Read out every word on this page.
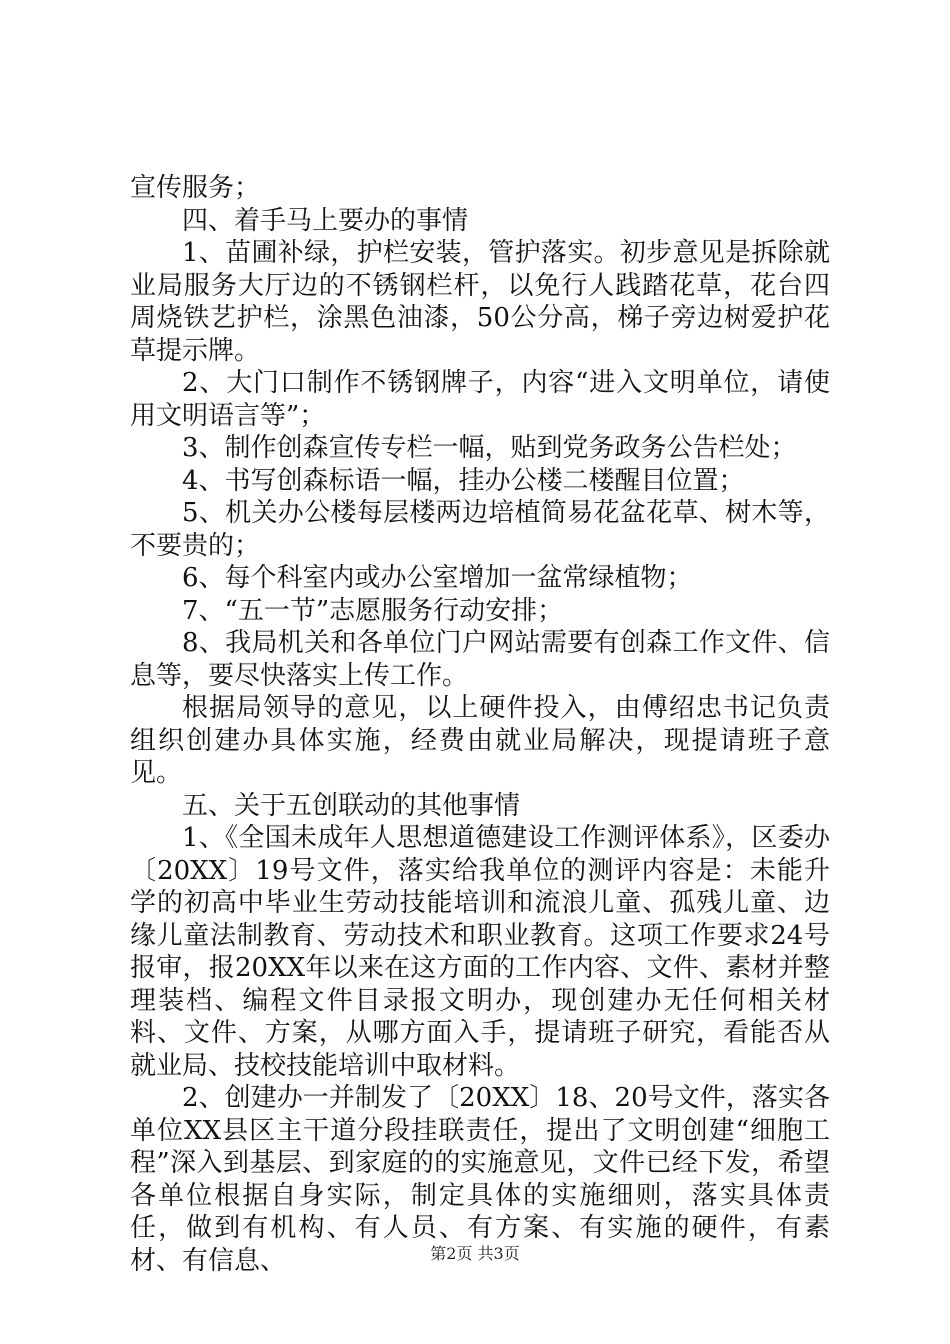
宣传服务；

四、着手马上要办的事情

1、苗圃补绿，护栏安装，管护落实。初步意见是拆除就业局服务大厅边的不锈钢栏杆，以免行人践踏花草，花台四周烧铁艺护栏，涂黑色油漆，50公分高，梯子旁边树爱护花草提示牌。

2、大门口制作不锈钢牌子，内容“进入文明单位，请使用文明语言等”；

3、制作创森宣传专栏一幅，贴到党务政务公告栏处；

4、书写创森标语一幅，挂办公楼二楼醒目位置；

5、机关办公楼每层楼两边培植简易花盆花草、树木等，不要贵的；

6、每个科室内或办公室增加一盆常绿植物；

7、“五一节”志愿服务行动安排；

8、我局机关和各单位门户网站需要有创森工作文件、信息等，要尽快落实上传工作。

根据局领导的意见，以上硬件投入，由傅绍忠书记负责组织创建办具体实施，经费由就业局解决，现提请班子意见。

五、关于五创联动的其他事情

1、《全国未成年人思想道德建设工作测评体系》，区委办〔20XX〕19号文件，落实给我单位的测评内容是：未能升学的初高中毕业生劳动技能培训和流浪儿童、孤残儿童、边缘儿童法制教育、劳动技术和职业教育。这项工作要求24号报审，报20XX年以来在这方面的工作内容、文件、素材并整理装档、编程文件目录报文明办，现创建办无任何相关材料、文件、方案，从哪方面入手，提请班子研究，看能否从就业局、技校技能培训中取材料。

2、创建办一并制发了〔20XX〕18、20号文件，落实各单位XX县区主干道分段挂联责任，提出了文明创建“细胞工程”深入到基层、到家庭的的实施意见，文件已经下发，希望各单位根据自身实际，制定具体的实施细则，落实具体责任，做到有机构、有人员、有方案、有实施的硬件，有素材、有信息、	第2页 共3页
